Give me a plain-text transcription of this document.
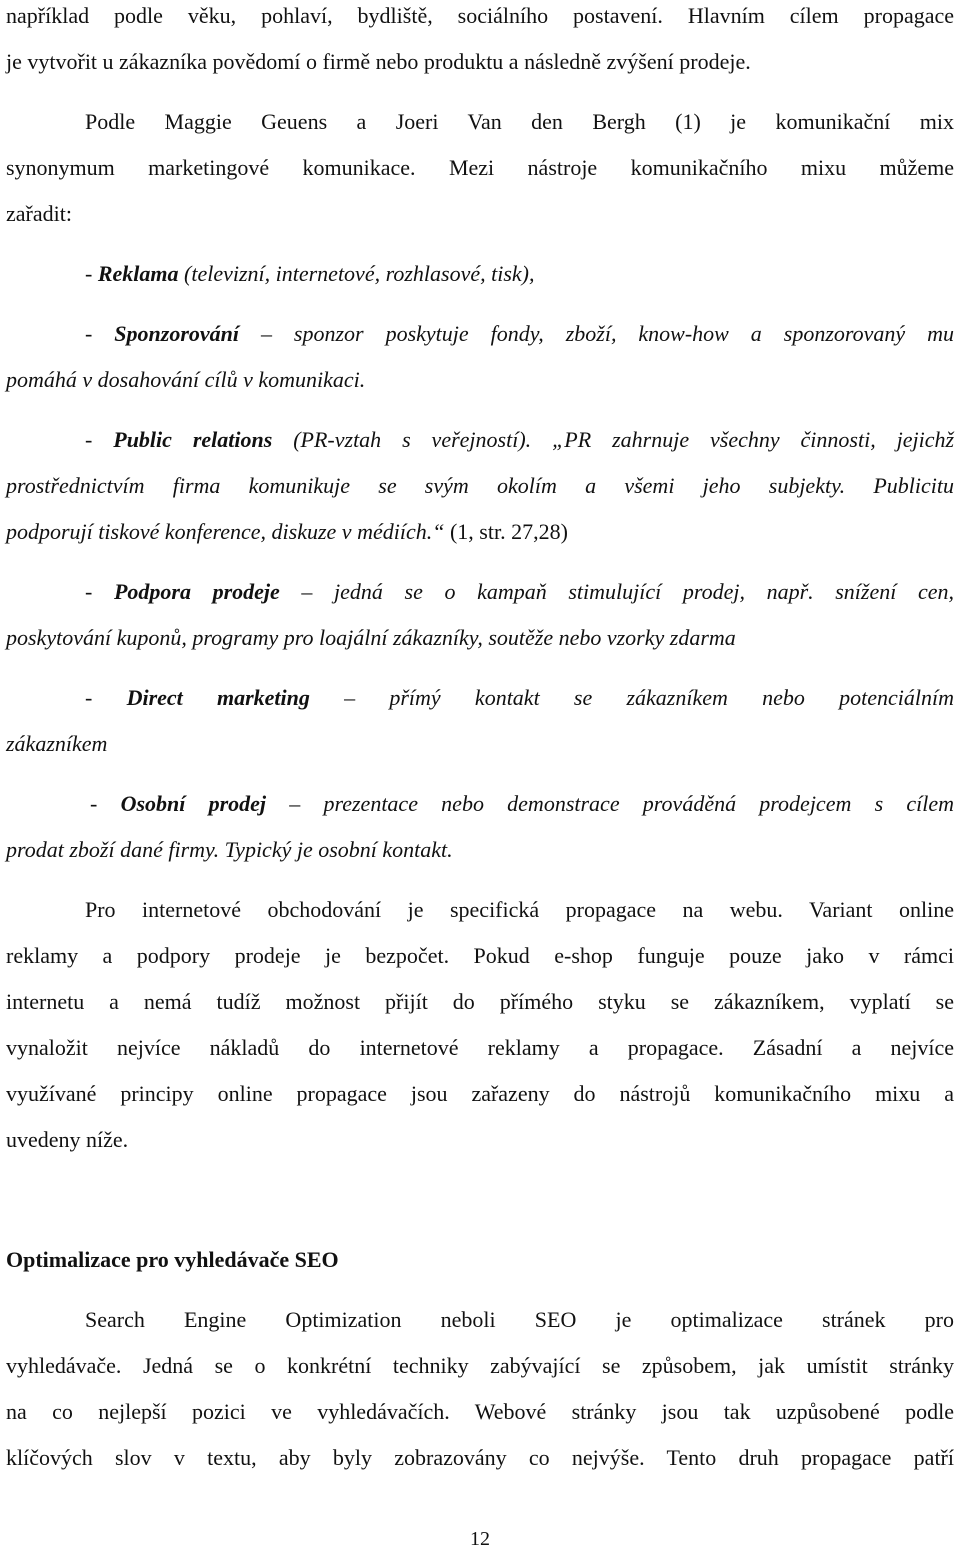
například podle věku, pohlaví, bydliště, sociálního postavení. Hlavním cílem propagace
je vytvořit u zákazníka povědomí o firmě nebo produktu a následně zvýšení prodeje.
Podle Maggie Geuens a Joeri Van den Bergh (1) je komunikační mix
synonymum marketingové komunikace. Mezi nástroje komunikačního mixu můžeme
zařadit:
- Reklama (televizní, internetové, rozhlasové, tisk),
- Sponzorování – sponzor poskytuje fondy, zboží, know-how a sponzorovaný mu
pomáhá v dosahování cílů v komunikaci.
- Public relations (PR-vztah s veřejností). „PR zahrnuje všechny činnosti, jejichž
prostřednictvím firma komunikuje se svým okolím a všemi jeho subjekty. Publicitu
podporují tiskové konference, diskuze v médiích.“ (1, str. 27,28)
- Podpora prodeje – jedná se o kampaň stimulující prodej, např. snížení cen,
poskytování kuponů, programy pro loajální zákazníky, soutěže nebo vzorky zdarma
- Direct marketing – přímý kontakt se zákazníkem nebo potenciálním
zákazníkem
- Osobní prodej – prezentace nebo demonstrace prováděná prodejcem s cílem
prodat zboží dané firmy. Typický je osobní kontakt.
Pro internetové obchodování je specifická propagace na webu. Variant online
reklamy a podpory prodeje je bezpočet. Pokud e-shop funguje pouze jako v rámci
internetu a nemá tudíž možnost přijít do přímého styku se zákazníkem, vyplatí se
vynaložit nejvíce nákladů do internetové reklamy a propagace. Zásadní a nejvíce
využívané principy online propagace jsou zařazeny do nástrojů komunikačního mixu a
uvedeny níže.
Optimalizace pro vyhledávače SEO
Search Engine Optimization neboli SEO je optimalizace stránek pro
vyhledávače. Jedná se o konkrétní techniky zabývající se způsobem, jak umístit stránky
na co nejlepší pozici ve vyhledávačích. Webové stránky jsou tak uzpůsobené podle
klíčových slov v textu, aby byly zobrazovány co nejvýše. Tento druh propagace patří
12
